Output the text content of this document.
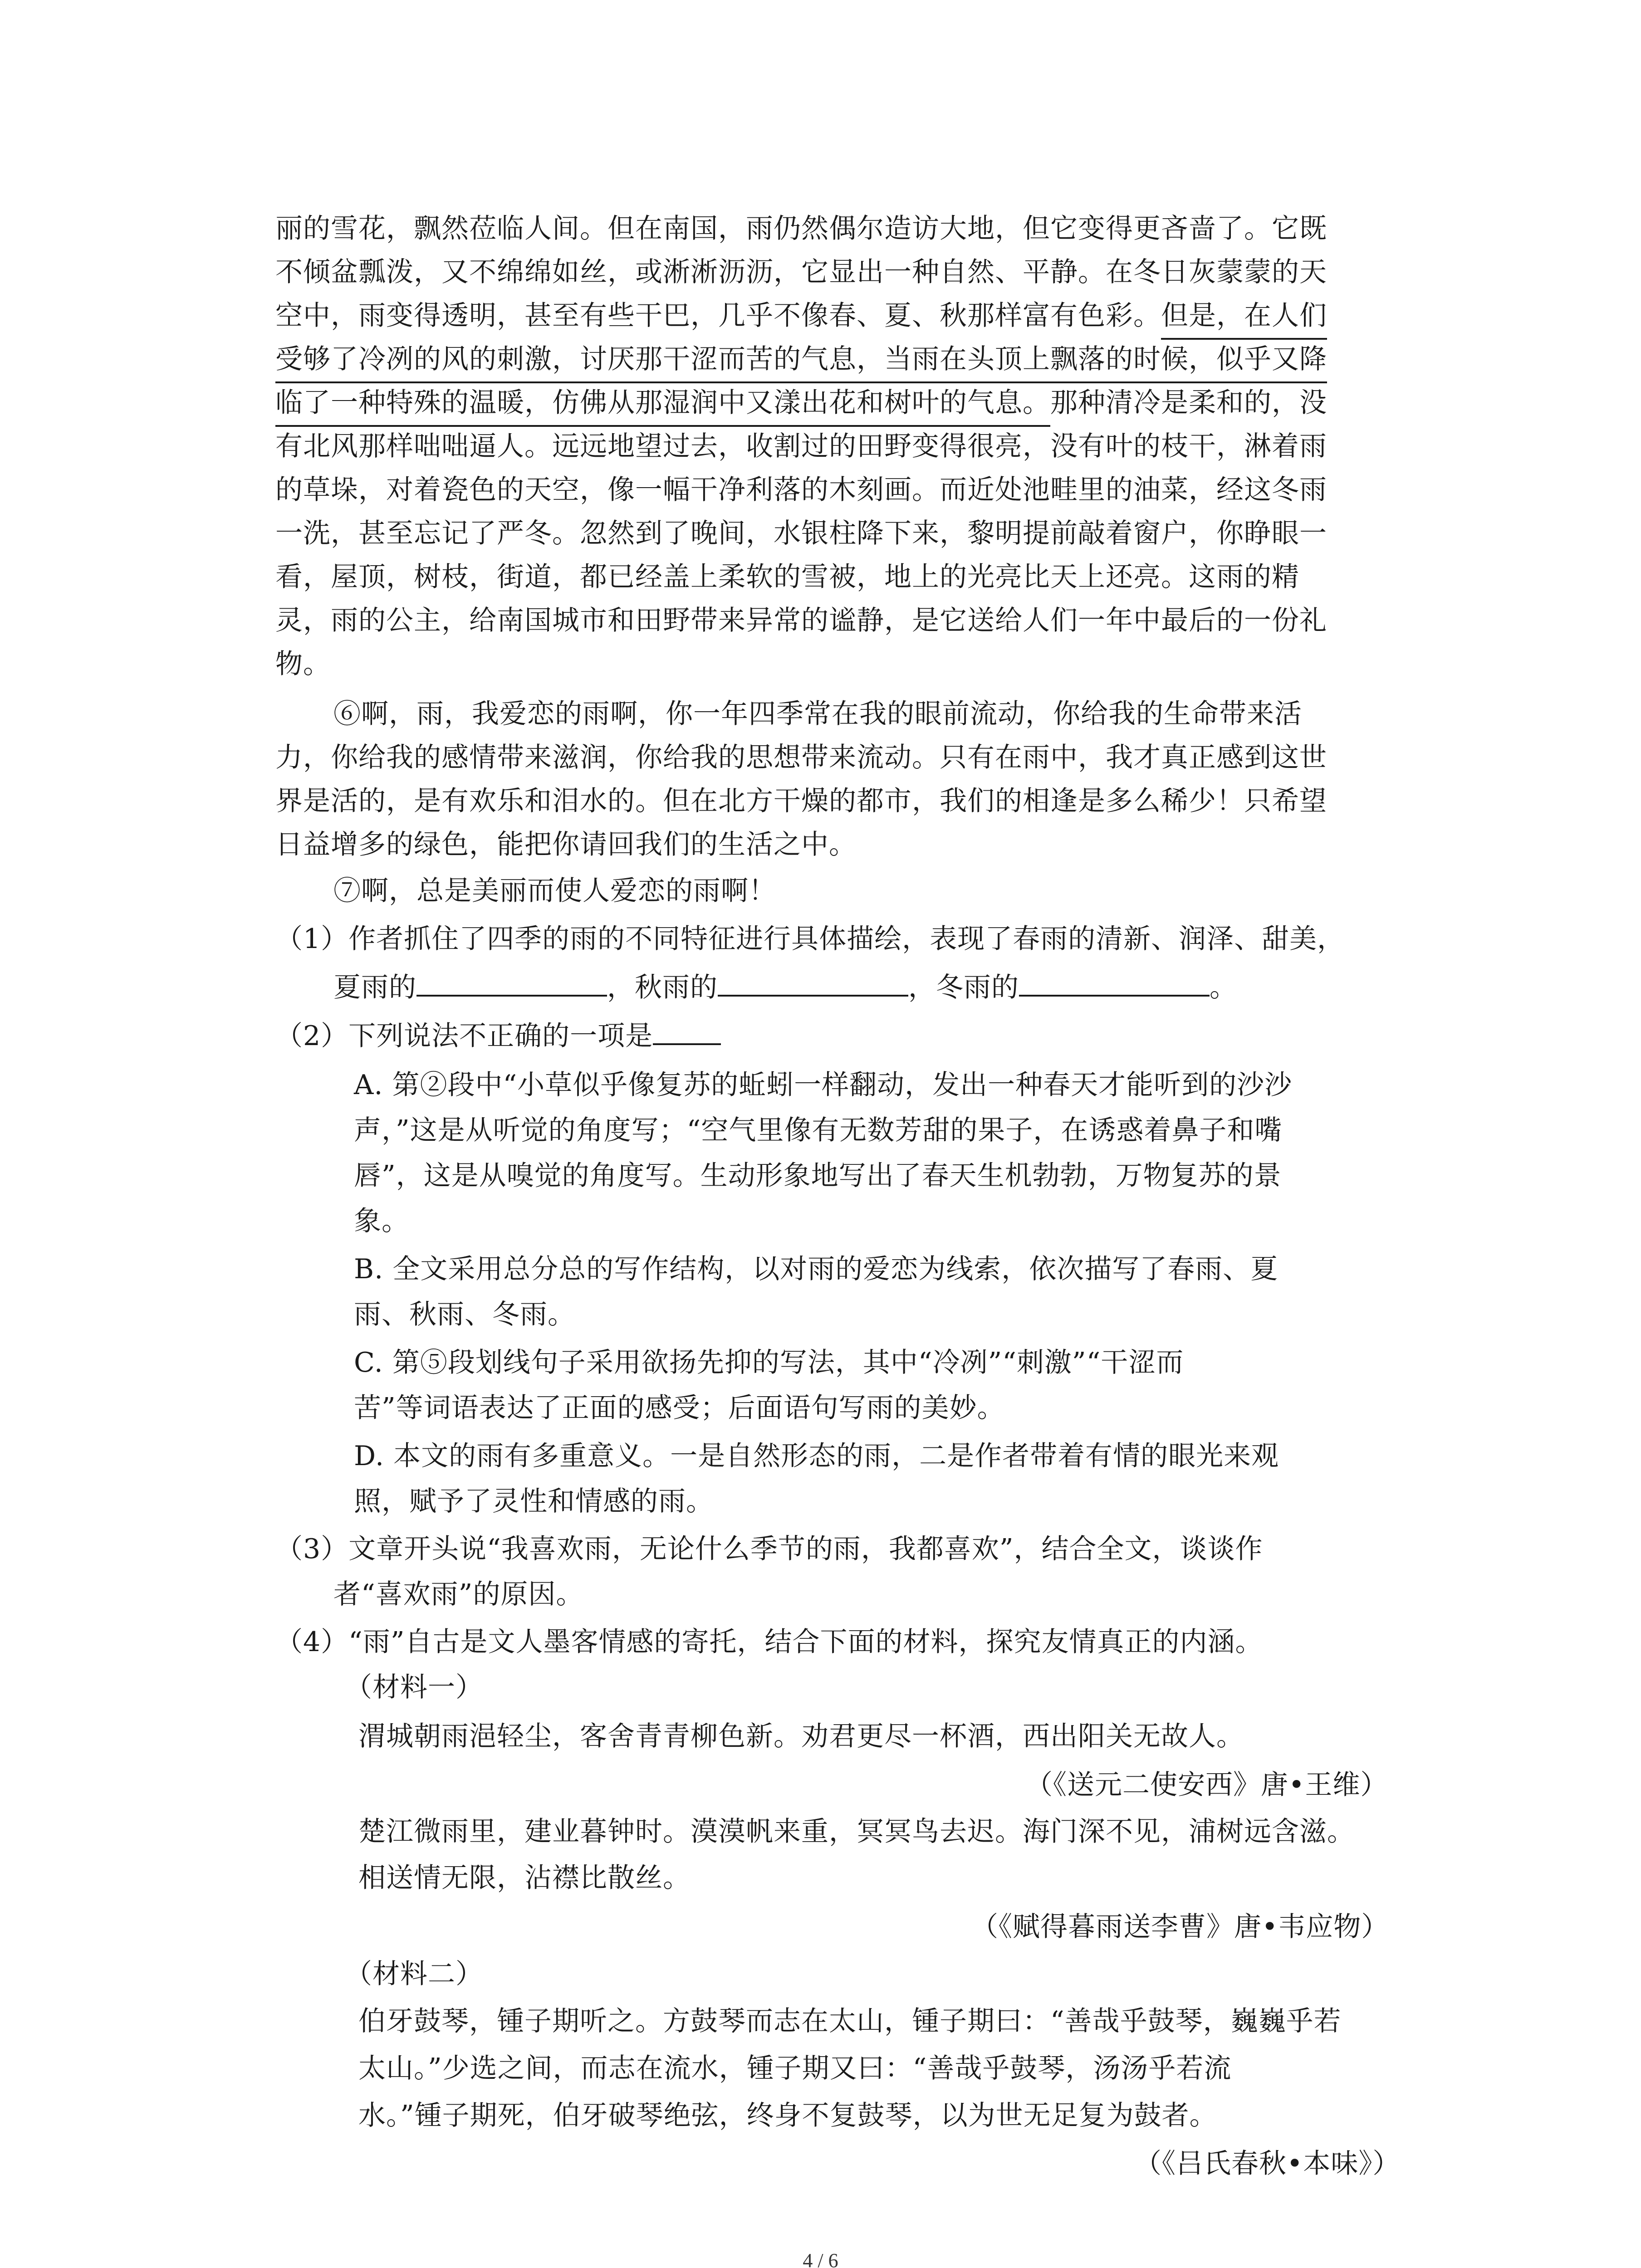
丽的雪花，飘然莅临人间。但在南国，雨仍然偶尔造访大地，但它变得更吝啬了。它既
不倾盆瓢泼，又不绵绵如丝，或淅淅沥沥，它显出一种自然、平静。在冬日灰蒙蒙的天
空中，雨变得透明，甚至有些干巴，几乎不像春、夏、秋那样富有色彩。但是，在人们
受够了冷冽的风的刺激，讨厌那干涩而苦的气息，当雨在头顶上飘落的时候，似乎又降
临了一种特殊的温暖，仿佛从那湿润中又漾出花和树叶的气息。那种清冷是柔和的，没
有北风那样咄咄逼人。远远地望过去，收割过的田野变得很亮，没有叶的枝干，淋着雨
的草垛，对着瓷色的天空，像一幅干净利落的木刻画。而近处池畦里的油菜，经这冬雨
一洗，甚至忘记了严冬。忽然到了晚间，水银柱降下来，黎明提前敲着窗户，你睁眼一
看，屋顶，树枝，街道，都已经盖上柔软的雪被，地上的光亮比天上还亮。这雨的精
灵，雨的公主，给南国城市和田野带来异常的谧静，是它送给人们一年中最后的一份礼
物。
⑥啊，雨，我爱恋的雨啊，你一年四季常在我的眼前流动，你给我的生命带来活
力，你给我的感情带来滋润，你给我的思想带来流动。只有在雨中，我才真正感到这世
界是活的，是有欢乐和泪水的。但在北方干燥的都市，我们的相逢是多么稀少！只希望
日益增多的绿色，能把你请回我们的生活之中。
⑦啊，总是美丽而使人爱恋的雨啊！
（1）作者抓住了四季的雨的不同特征进行具体描绘，表现了春雨的清新、润泽、甜美，
夏雨的	，秋雨的	，冬雨的	。
（2）下列说法不正确的一项是
A. 第②段中“小草似乎像复苏的蚯蚓一样翻动，发出一种春天才能听到的沙沙
声，”这是从听觉的角度写；“空气里像有无数芳甜的果子，在诱惑着鼻子和嘴
唇”，这是从嗅觉的角度写。生动形象地写出了春天生机勃勃，万物复苏的景
象。
B. 全文采用总分总的写作结构，以对雨的爱恋为线索，依次描写了春雨、夏
雨、秋雨、冬雨。
C. 第⑤段划线句子采用欲扬先抑的写法，其中“冷冽”“刺激”“干涩而
苦”等词语表达了正面的感受；后面语句写雨的美妙。
D. 本文的雨有多重意义。一是自然形态的雨，二是作者带着有情的眼光来观
照，赋予了灵性和情感的雨。
（3）文章开头说“我喜欢雨，无论什么季节的雨，我都喜欢”，结合全文，谈谈作
者“喜欢雨”的原因。
（4）“雨”自古是文人墨客情感的寄托，结合下面的材料，探究友情真正的内涵。
（材料一）
渭城朝雨浥轻尘，客舍青青柳色新。劝君更尽一杯酒，西出阳关无故人。
（《送元二使安西》唐•王维）
楚江微雨里，建业暮钟时。漠漠帆来重，冥冥鸟去迟。海门深不见，浦树远含滋。
相送情无限，沾襟比散丝。
（《赋得暮雨送李曹》唐•韦应物）
（材料二）
伯牙鼓琴，锺子期听之。方鼓琴而志在太山，锺子期曰：“善哉乎鼓琴，巍巍乎若
太山。”少选之间，而志在流水，锺子期又曰：“善哉乎鼓琴，汤汤乎若流
水。”锺子期死，伯牙破琴绝弦，终身不复鼓琴，以为世无足复为鼓者。
（《吕氏春秋•本味》）
4 / 6
